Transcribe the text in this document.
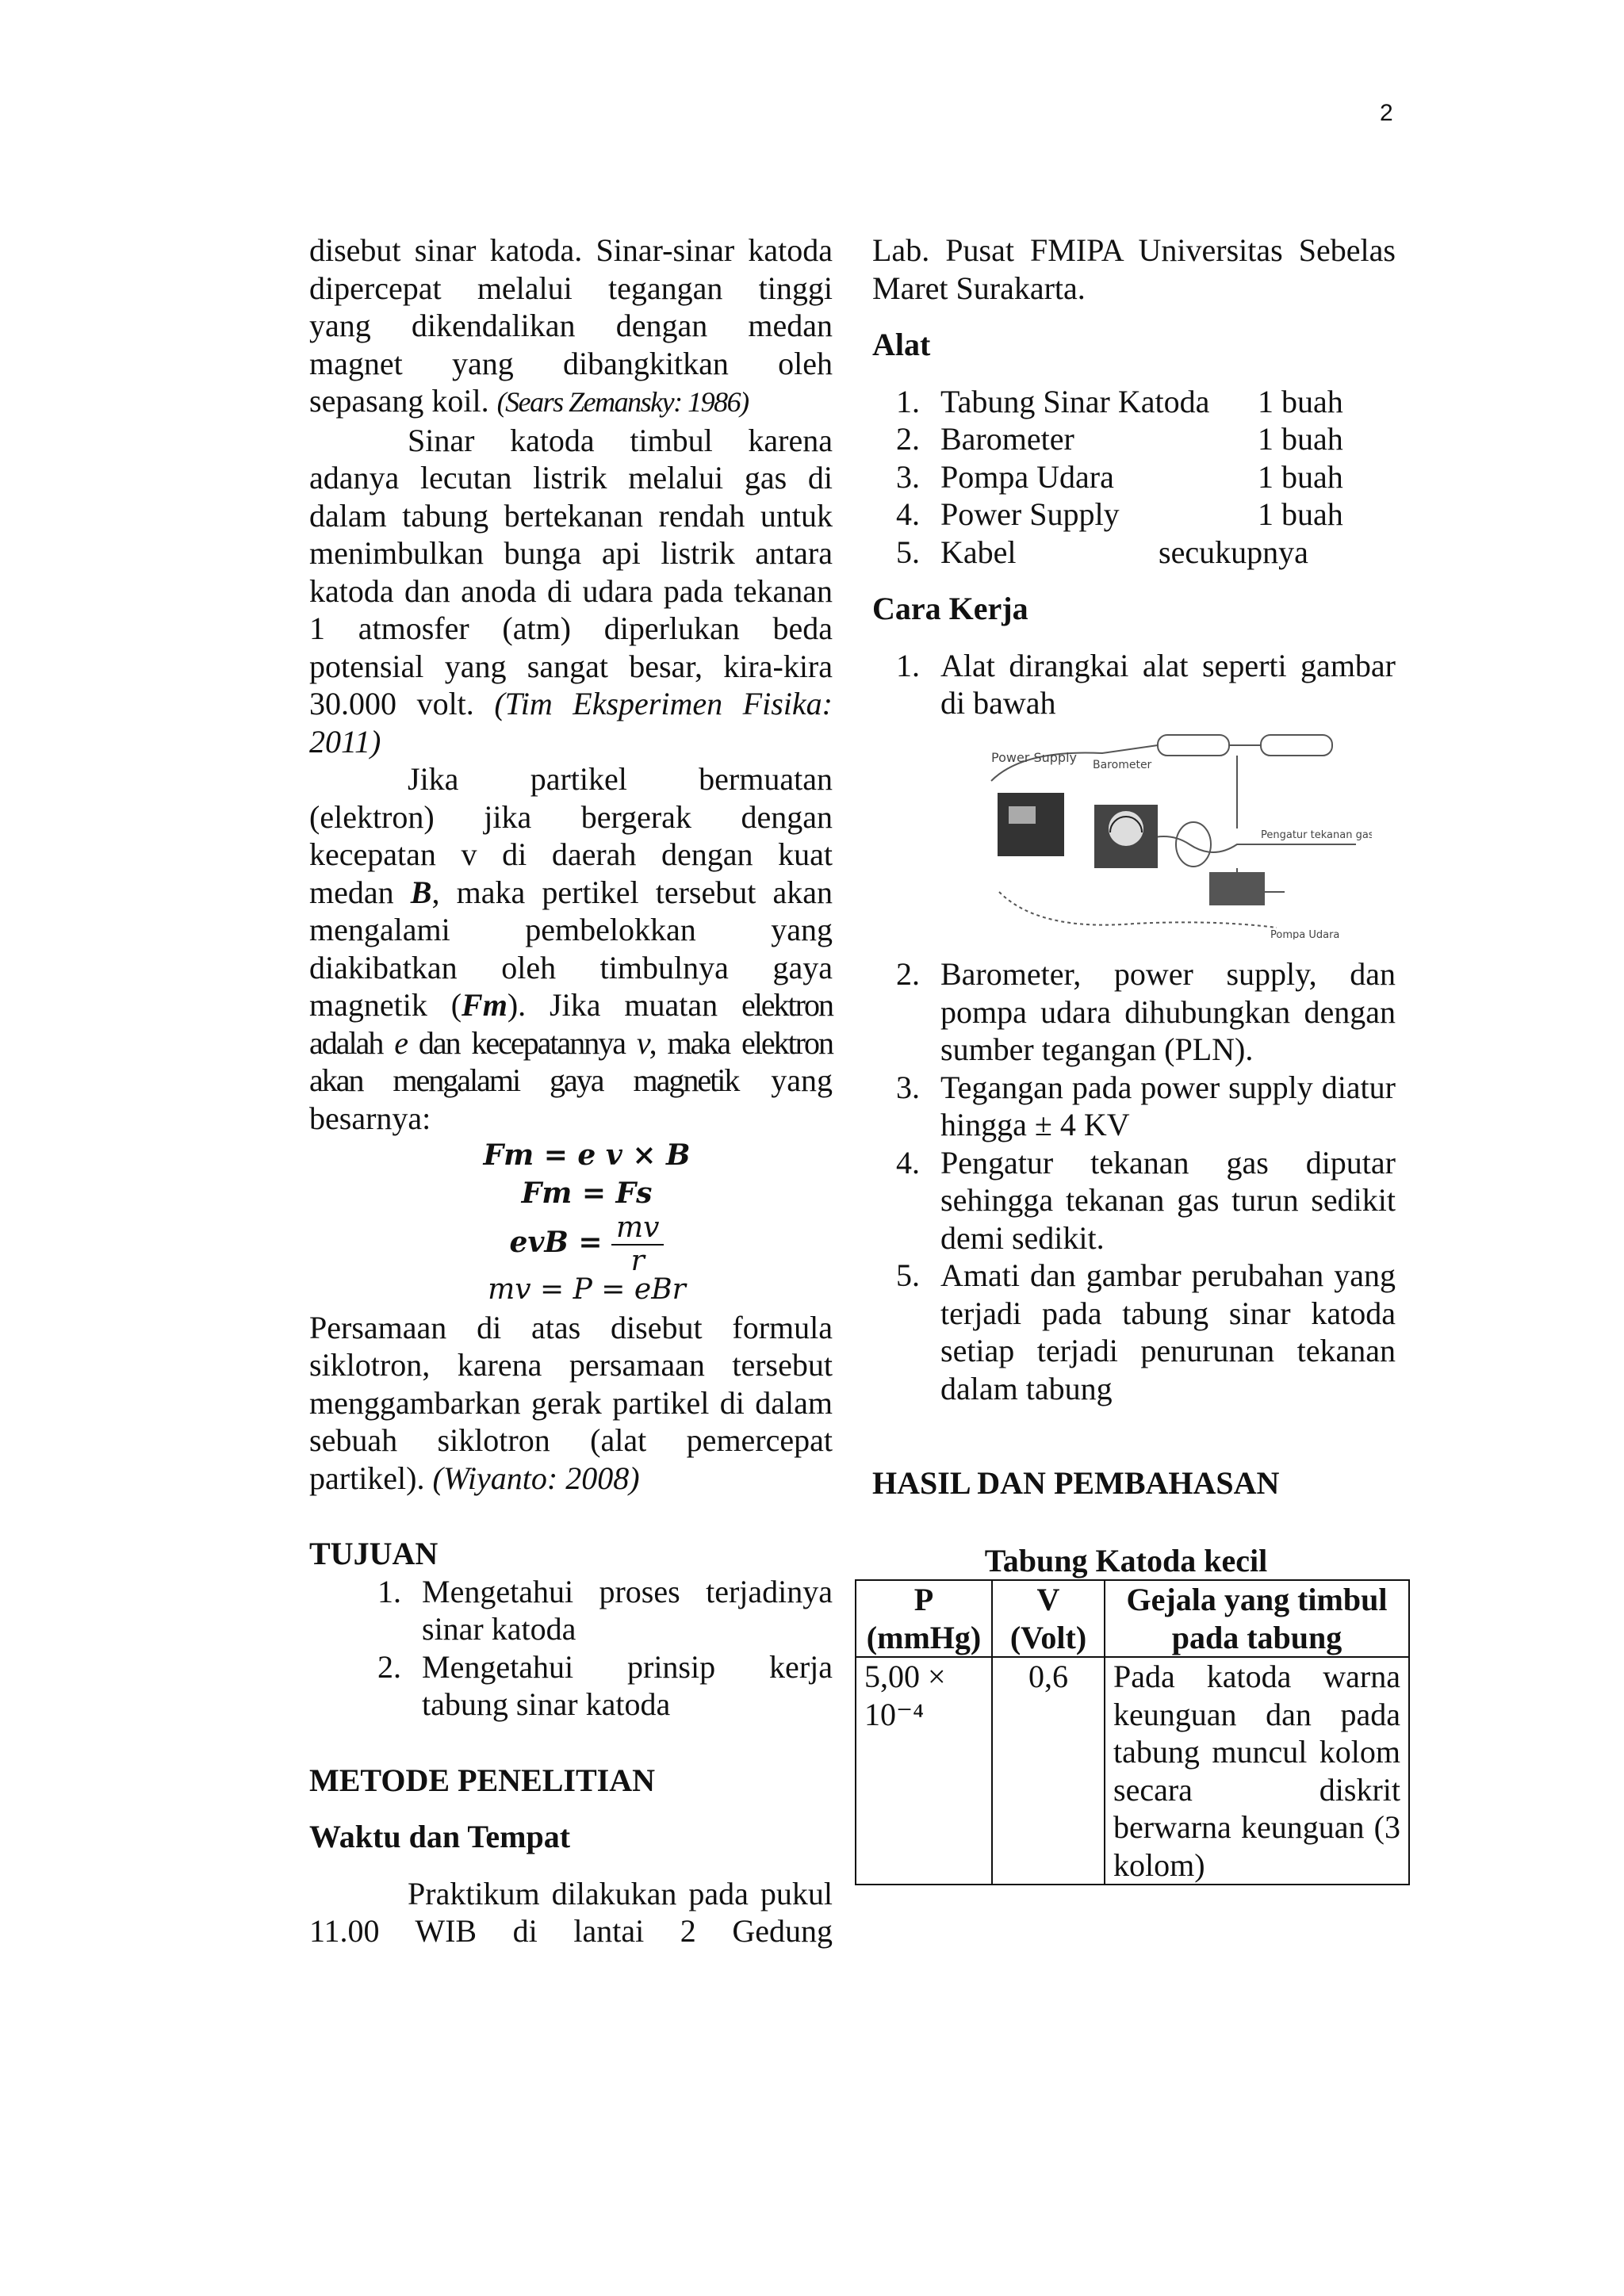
2

disebut sinar katoda. Sinar-sinar katoda

dipercepat melalui tegangan tinggi

yang dikendalikan dengan medan

magnet yang dibangkitkan oleh

sepasang koil. (Sears Zemansky: 1986)

Sinar katoda timbul karena adanya lecutan listrik melalui gas di dalam tabung bertekanan rendah untuk menimbulkan bunga api listrik antara katoda dan anoda di udara pada tekanan 1 atmosfer (atm) diperlukan beda potensial yang sangat besar, kira-kira 30.000 volt. (Tim Eksperimen Fisika: 2011)

Jika partikel bermuatan (elektron) jika bergerak dengan kecepatan v di daerah dengan kuat medan B, maka pertikel tersebut akan mengalami pembelokkan yang diakibatkan oleh timbulnya gaya magnetik (Fm). Jika muatan elektron adalah e dan kecepatannya v, maka elektron akan mengalami gaya magnetik yang besarnya:

Fm = e v × B
Fm = Fs
evB = $\frac{mv}{r}$
mv = P = eBr

Persamaan di atas disebut formula siklotron, karena persamaan tersebut menggambarkan gerak partikel di dalam sebuah siklotron (alat pemercepat partikel). (Wiyanto: 2008)

TUJUAN
1. Mengetahui proses terjadinya sinar katoda
2. Mengetahui prinsip kerja tabung sinar katoda
METODE PENELITIAN
Waktu dan Tempat

Praktikum dilakukan pada pukul 11.00 WIB di lantai 2 Gedung

Lab. Pusat FMIPA Universitas Sebelas Maret Surakarta.

Alat
1. Tabung Sinar Katoda	1 buah
2. Barometer	1 buah
3. Pompa Udara	1 buah
4. Power Supply	1 buah
5. Kabel	secukupnya
Cara Kerja
1. Alat dirangkai alat seperti gambar di bawah
Power Supply Barometer
Pengatur tekanan gas
Pompa Udara
2. Barometer, power supply, dan pompa udara dihubungkan dengan sumber tegangan (PLN).
3. Tegangan pada power supply diatur hingga ± 4 KV
4. Pengatur tekanan gas diputar sehingga tekanan gas turun sedikit demi sedikit.
5. Amati dan gambar perubahan yang terjadi pada tabung sinar katoda setiap terjadi penurunan tekanan dalam tabung
HASIL DAN PEMBAHASAN
Tabung Katoda kecil
P (mmHg)	V (Volt)	Gejala yang timbul pada tabung
5,00 × 10⁻⁴	0,6	Pada katoda warna keunguan dan pada tabung muncul kolom secara diskrit berwarna keunguan (3 kolom)
